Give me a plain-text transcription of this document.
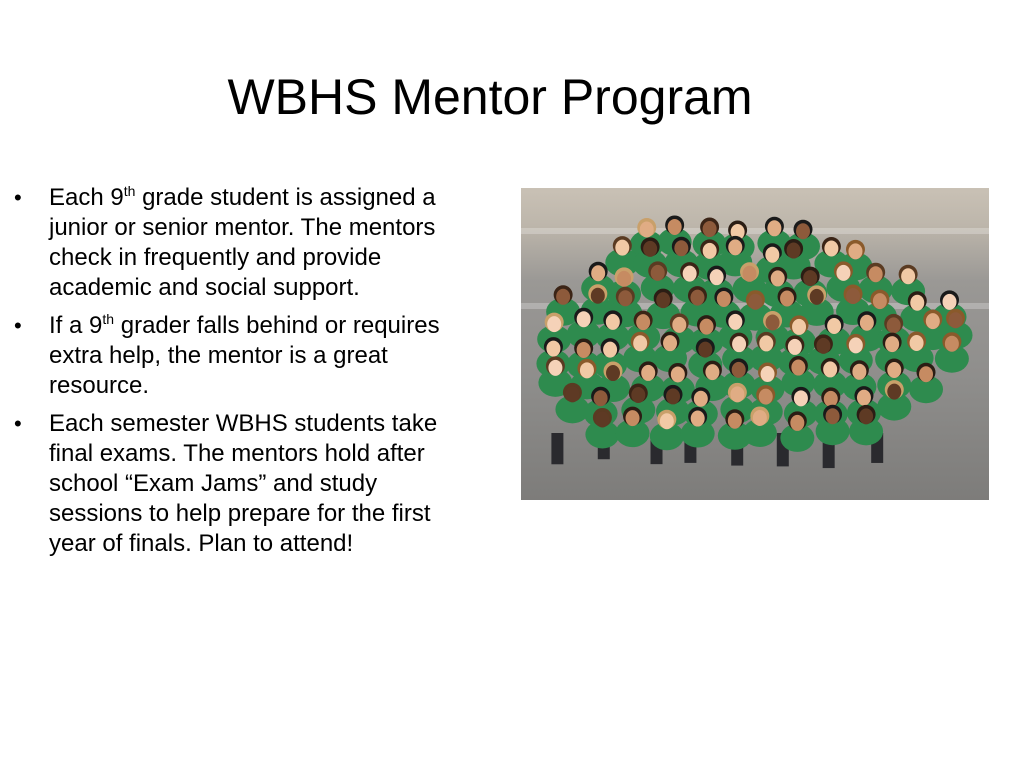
WBHS Mentor Program
•
Each 9th grade student is assigned a junior or senior mentor. The mentors check in frequently and provide academic and social support.
•
If a 9th grader falls behind or requires extra help, the mentor is a great resource.
•
Each semester WBHS students take final exams. The mentors hold after school “Exam Jams” and study sessions to help prepare for the first year of finals. Plan to attend!
